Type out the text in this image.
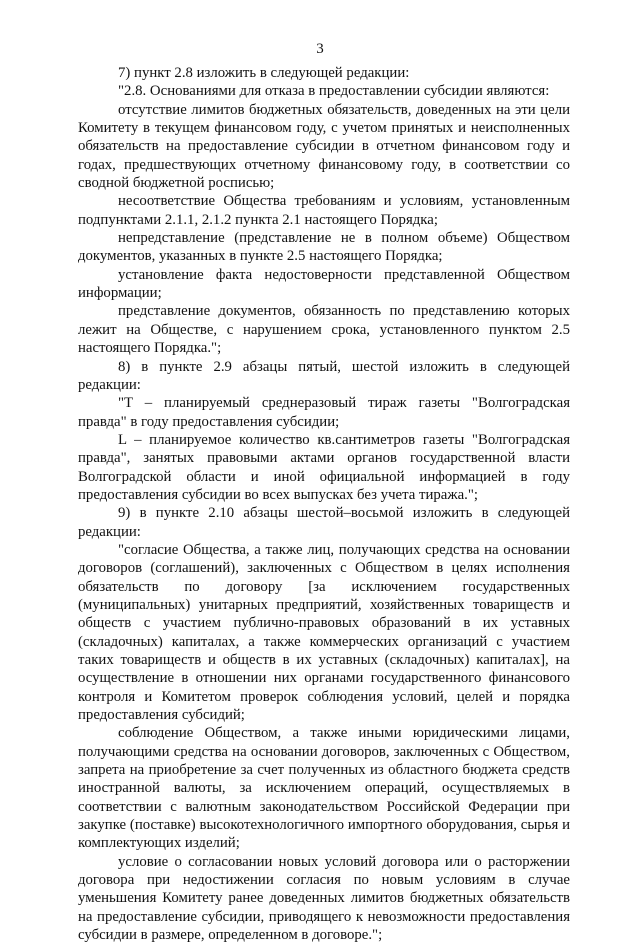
3

7) пункт 2.8 изложить в следующей редакции:

"2.8. Основаниями для отказа в предоставлении субсидии являются:

отсутствие лимитов бюджетных обязательств, доведенных на эти цели Комитету в текущем финансовом году, с учетом принятых и неисполненных обязательств на предоставление субсидии в отчетном финансовом году и годах, предшествующих отчетному финансовому году, в соответствии со сводной бюджетной росписью;

несоответствие Общества требованиям и условиям, установленным подпунктами 2.1.1, 2.1.2 пункта 2.1 настоящего Порядка;

непредставление (представление не в полном объеме) Обществом документов, указанных в пункте 2.5 настоящего Порядка;

установление факта недостоверности представленной Обществом информации;

представление документов, обязанность по представлению которых лежит на Обществе, с нарушением срока, установленного пунктом 2.5 настоящего Порядка.";

8) в пункте 2.9 абзацы пятый, шестой изложить в следующей редакции:

"T – планируемый среднеразовый тираж газеты "Волгоградская правда" в году предоставления субсидии;

L – планируемое количество кв.сантиметров газеты "Волгоградская правда", занятых правовыми актами органов государственной власти Волгоградской области и иной официальной информацией в году предоставления субсидии во всех выпусках без учета тиража.";

9) в пункте 2.10 абзацы шестой–восьмой изложить в следующей редакции:

"согласие Общества, а также лиц, получающих средства на основании договоров (соглашений), заключенных с Обществом в целях исполнения обязательств по договору [за исключением государственных (муниципальных) унитарных предприятий, хозяйственных товариществ и обществ с участием публично-правовых образований в их уставных (складочных) капиталах, а также коммерческих организаций с участием таких товариществ и обществ в их уставных (складочных) капиталах], на осуществление в отношении них органами государственного финансового контроля и Комитетом проверок соблюдения условий, целей и порядка предоставления субсидий;

соблюдение Обществом, а также иными юридическими лицами, получающими средства на основании договоров, заключенных с Обществом, запрета на приобретение за счет полученных из областного бюджета средств иностранной валюты, за исключением операций, осуществляемых в соответствии с валютным законодательством Российской Федерации при закупке (поставке) высокотехнологичного импортного оборудования, сырья и комплектующих изделий;

условие о согласовании новых условий договора или о расторжении договора при недостижении согласия по новым условиям в случае уменьшения Комитету ранее доведенных лимитов бюджетных обязательств на предоставление субсидии, приводящего к невозможности предоставления субсидии в размере, определенном в договоре.";
